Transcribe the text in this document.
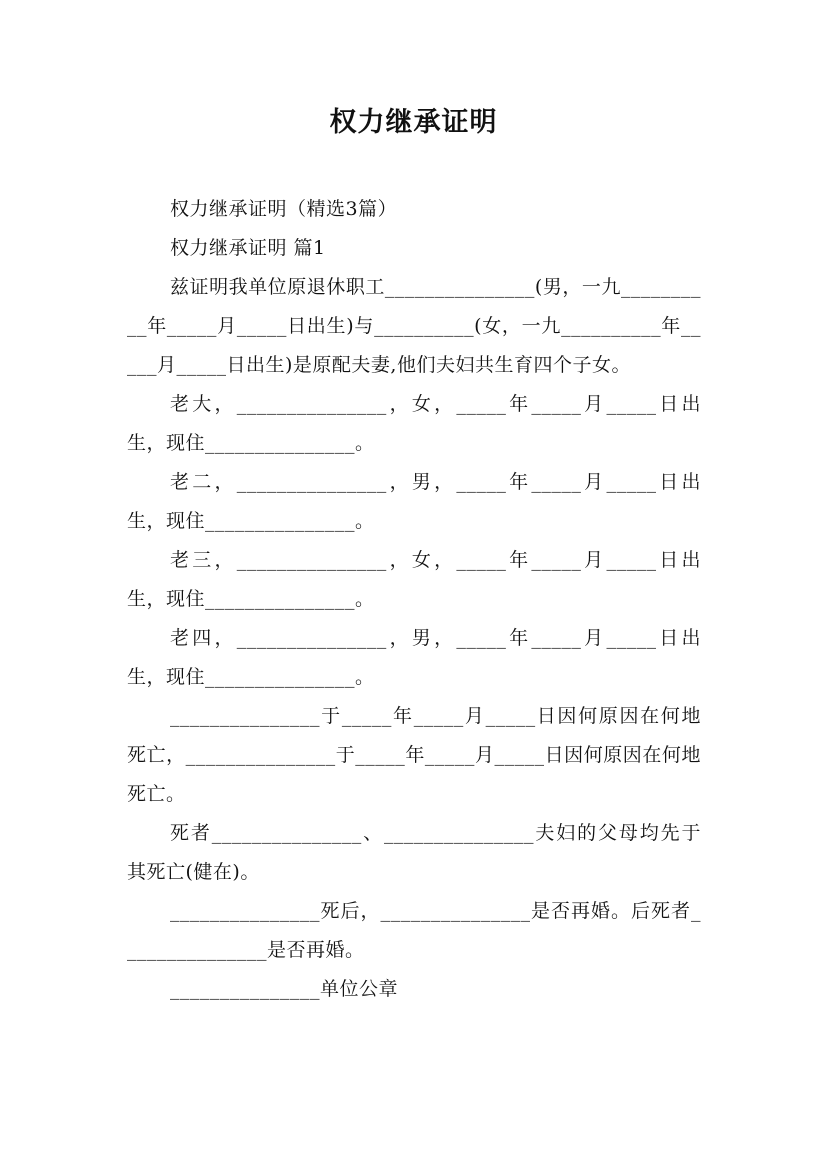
权力继承证明

权力继承证明（精选3篇）

权力继承证明 篇1

兹证明我单位原退休职工_______________(男，一九__________年_____月_____日出生)与__________(女，一九__________年_____月_____日出生)是原配夫妻,他们夫妇共生育四个子女。

老大，_______________，女，_____年_____月_____日出生，现住_______________。

老二，_______________，男，_____年_____月_____日出生，现住_______________。

老三，_______________，女，_____年_____月_____日出生，现住_______________。

老四，_______________，男，_____年_____月_____日出生，现住_______________。

_______________于_____年_____月_____日因何原因在何地死亡，_______________于_____年_____月_____日因何原因在何地死亡。

死者_______________、_______________夫妇的父母均先于其死亡(健在)。

_______________死后，_______________是否再婚。后死者_______________是否再婚。

_______________单位公章
